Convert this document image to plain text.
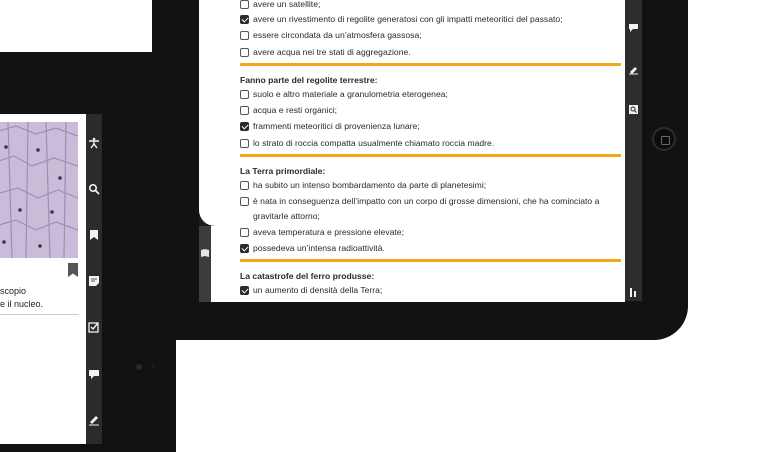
avere un satellite;
avere un rivestimento di regolite generatosi con gli impatti meteoritici del passato;
essere circondata da un’atmosfera gassosa;
avere acqua nei tre stati di aggregazione.
Fanno parte del regolite terrestre:
suolo e altro materiale a granulometria eterogenea;
acqua e resti organici;
frammenti meteoritici di provenienza lunare;
lo strato di roccia compatta usualmente chiamato roccia madre.
La Terra primordiale:
ha subito un intenso bombardamento da parte di planetesimi;
è nata in conseguenza dell’impatto con un corpo di grosse dimensioni, che ha cominciato a gravitarle attorno;
aveva temperatura e pressione elevate;
possedeva un’intensa radioattività.
La catastrofe del ferro produsse:
un aumento di densità della Terra;
scopio
e il nucleo.
